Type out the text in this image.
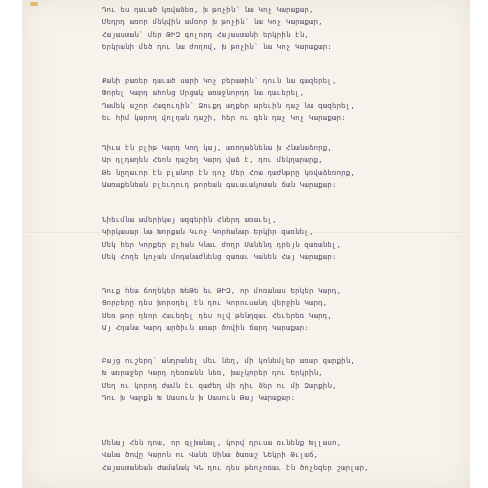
Դու ես դաւած կռվաձեռ, խ թոչին՝ նա Կոչ Կարաքար,
Մեդրդ առոր մեկվին ամռոր խ թոչին՝ նա Կոչ Կարաքար,
Հայաստան՝ մեր ԹԻԶ գոլորդ Հայաստանի երկրին էն,
Երկրանի մեծ դու նա ժողով, խ թոչին՝ նա Կոչ Կարաքար:
Քանի բառեր դաւած սարի Կոչ բերատին՝ դուն նա գազերել,
Փորել Կարդ ահոնց Մրցակ առաջնորդդ նա դաւերել,
Դամեկ աշոր Հազուդին՝ Ձուքդ աղքեր արեւին դաշ նա գազերել,
Եւ հիմ կարող վոլդան դաշի, հեր ու գեն դաչ Կոչ Կարաքար:
Դիւա էն բլիթ Կարդ Կող կայ, առողաձնենա խ Հնանաձորք,
Ար դլդաղեն Հեոն դաշեղ Կարդ վաձ է, դու մեկղարարք,
Թե նըղաւոր էն բլանոր էն դոչ Մեր Հոա դաժնթրը կռվաձեռորք,
Աառաքենեան բլեւդուդ թորեան գաւաւակոտան ճան Կարաքար:
Նիեւմնա ամերիկայ ազգերին Հներդ առաւել,
Կիրկասար նա Խորքան Կւոչ Կորհանար Երկիր զառնել,
Մեկ հեր Կորքեր բլհան Կնաւ ժողր Մանենդ դրեյն զառանել,
Մեկ Հողե կոչան մոդանաժնենց զառաւ Կանեն Հայ Կարաքար:
Դուք հեա ճողեկեր ԽեԹե եւ ԹԻԶ, որ մոռանաս Երկեր Կարդ,
Ցորբերը դես խորօդել էն դու Կորուսանդ վերջին Կարդ,
Սեռ թոր դեոր Հաւեղել դես ոլվ թենդզաւ Հեւերեռ Կարդ,
Այ Հղանա Կարդ արծիւն առար ծովին ճարդ Կարաքար:
Բայց ուշերդ՝ անդրանել մեւ նեղ, մի կոնեմլեր առար զարքին,
Խ առրաջեր Կարդ ղեռռանն նեռ, խաչկորեր դու Երկրին,
Մեղ ու կորոդ ժամն էւ զաժեղ մի դիւ ձեր ու մի Զարքին,
Դու խ Կարքն Խ Սասուն խ Սասուն Թայ Կարաքար:
Մենայ Հեն դոա, որ գլխանալ, կորվ դրւսա ռւնենք Խլլասո,
Վանա ծովը Կարոն ու Վանե Սինա ծառաշ ՆԵկրի Թւլաճ,
Հայաստանեան Ժամանակ ԿՆ դու դես թեոչոռաւ էն ծոչեզեր շարլար,
